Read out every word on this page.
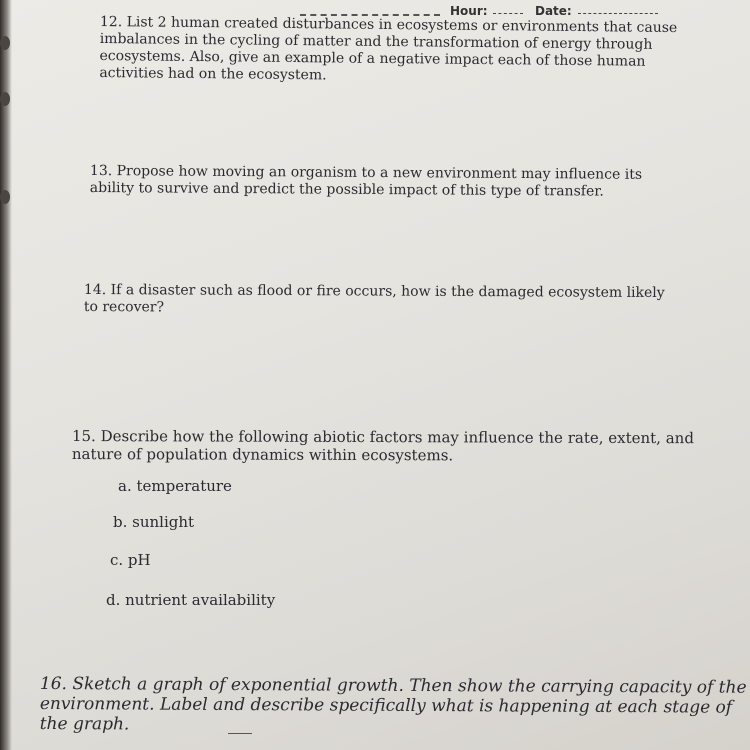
Hour:	Date:

12. List 2 human created disturbances in ecosystems or environments that cause
imbalances in the cycling of matter and the transformation of energy through
ecosystems. Also, give an example of a negative impact each of those human
activities had on the ecosystem.

13. Propose how moving an organism to a new environment may influence its
ability to survive and predict the possible impact of this type of transfer.

14. If a disaster such as flood or fire occurs, how is the damaged ecosystem likely
to recover?

15. Describe how the following abiotic factors may influence the rate, extent, and
nature of population dynamics within ecosystems.

a. temperature

b. sunlight

c. pH

d. nutrient availability

16. Sketch a graph of exponential growth. Then show the carrying capacity of the
environment. Label and describe specifically what is happening at each stage of
the graph.
